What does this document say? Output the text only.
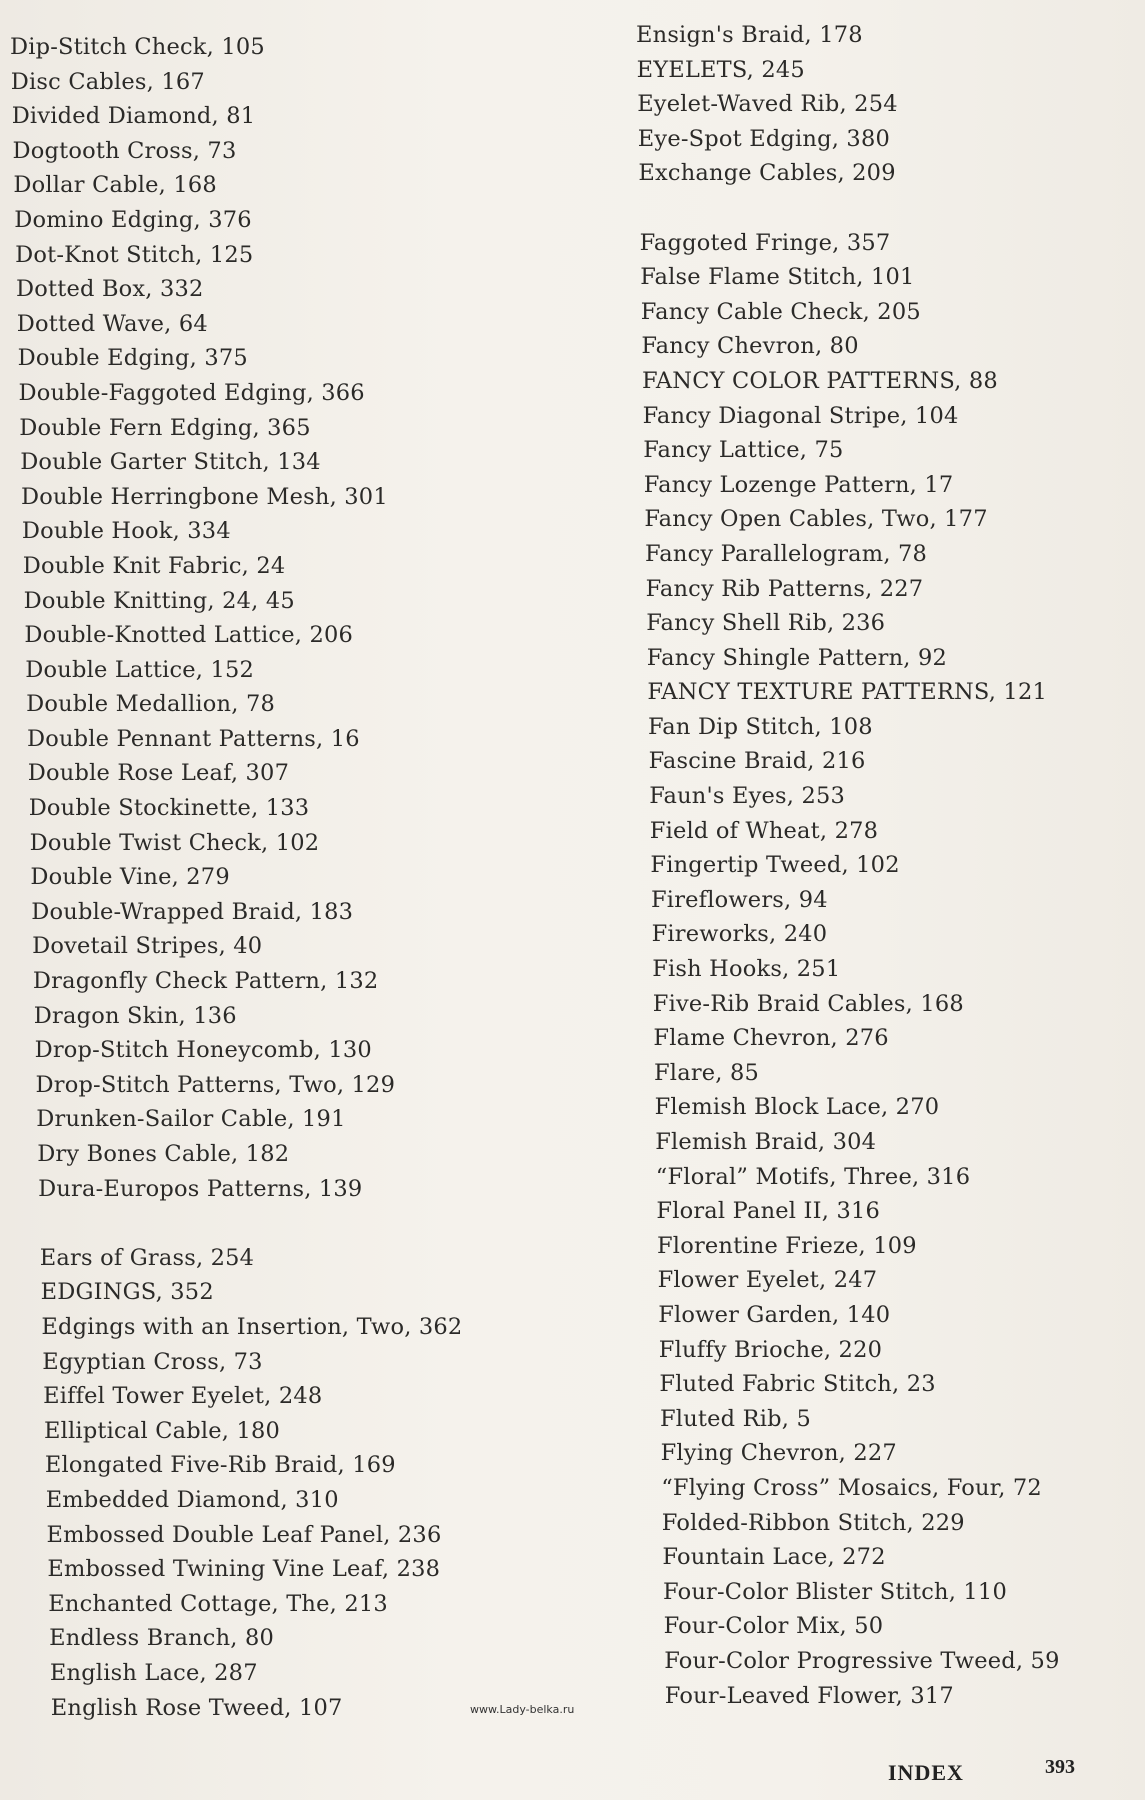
Dip-Stitch Check, 105
Disc Cables, 167
Divided Diamond, 81
Dogtooth Cross, 73
Dollar Cable, 168
Domino Edging, 376
Dot-Knot Stitch, 125
Dotted Box, 332
Dotted Wave, 64
Double Edging, 375
Double-Faggoted Edging, 366
Double Fern Edging, 365
Double Garter Stitch, 134
Double Herringbone Mesh, 301
Double Hook, 334
Double Knit Fabric, 24
Double Knitting, 24, 45
Double-Knotted Lattice, 206
Double Lattice, 152
Double Medallion, 78
Double Pennant Patterns, 16
Double Rose Leaf, 307
Double Stockinette, 133
Double Twist Check, 102
Double Vine, 279
Double-Wrapped Braid, 183
Dovetail Stripes, 40
Dragonfly Check Pattern, 132
Dragon Skin, 136
Drop-Stitch Honeycomb, 130
Drop-Stitch Patterns, Two, 129
Drunken-Sailor Cable, 191
Dry Bones Cable, 182
Dura-Europos Patterns, 139
Ears of Grass, 254
EDGINGS, 352
Edgings with an Insertion, Two, 362
Egyptian Cross, 73
Eiffel Tower Eyelet, 248
Elliptical Cable, 180
Elongated Five-Rib Braid, 169
Embedded Diamond, 310
Embossed Double Leaf Panel, 236
Embossed Twining Vine Leaf, 238
Enchanted Cottage, The, 213
Endless Branch, 80
English Lace, 287
English Rose Tweed, 107
Ensign's Braid, 178
EYELETS, 245
Eyelet-Waved Rib, 254
Eye-Spot Edging, 380
Exchange Cables, 209
Faggoted Fringe, 357
False Flame Stitch, 101
Fancy Cable Check, 205
Fancy Chevron, 80
FANCY COLOR PATTERNS, 88
Fancy Diagonal Stripe, 104
Fancy Lattice, 75
Fancy Lozenge Pattern, 17
Fancy Open Cables, Two, 177
Fancy Parallelogram, 78
Fancy Rib Patterns, 227
Fancy Shell Rib, 236
Fancy Shingle Pattern, 92
FANCY TEXTURE PATTERNS, 121
Fan Dip Stitch, 108
Fascine Braid, 216
Faun's Eyes, 253
Field of Wheat, 278
Fingertip Tweed, 102
Fireflowers, 94
Fireworks, 240
Fish Hooks, 251
Five-Rib Braid Cables, 168
Flame Chevron, 276
Flare, 85
Flemish Block Lace, 270
Flemish Braid, 304
“Floral” Motifs, Three, 316
Floral Panel II, 316
Florentine Frieze, 109
Flower Eyelet, 247
Flower Garden, 140
Fluffy Brioche, 220
Fluted Fabric Stitch, 23
Fluted Rib, 5
Flying Chevron, 227
“Flying Cross” Mosaics, Four, 72
Folded-Ribbon Stitch, 229
Fountain Lace, 272
Four-Color Blister Stitch, 110
Four-Color Mix, 50
Four-Color Progressive Tweed, 59
Four-Leaved Flower, 317
www.Lady-belka.ru
INDEX	393
